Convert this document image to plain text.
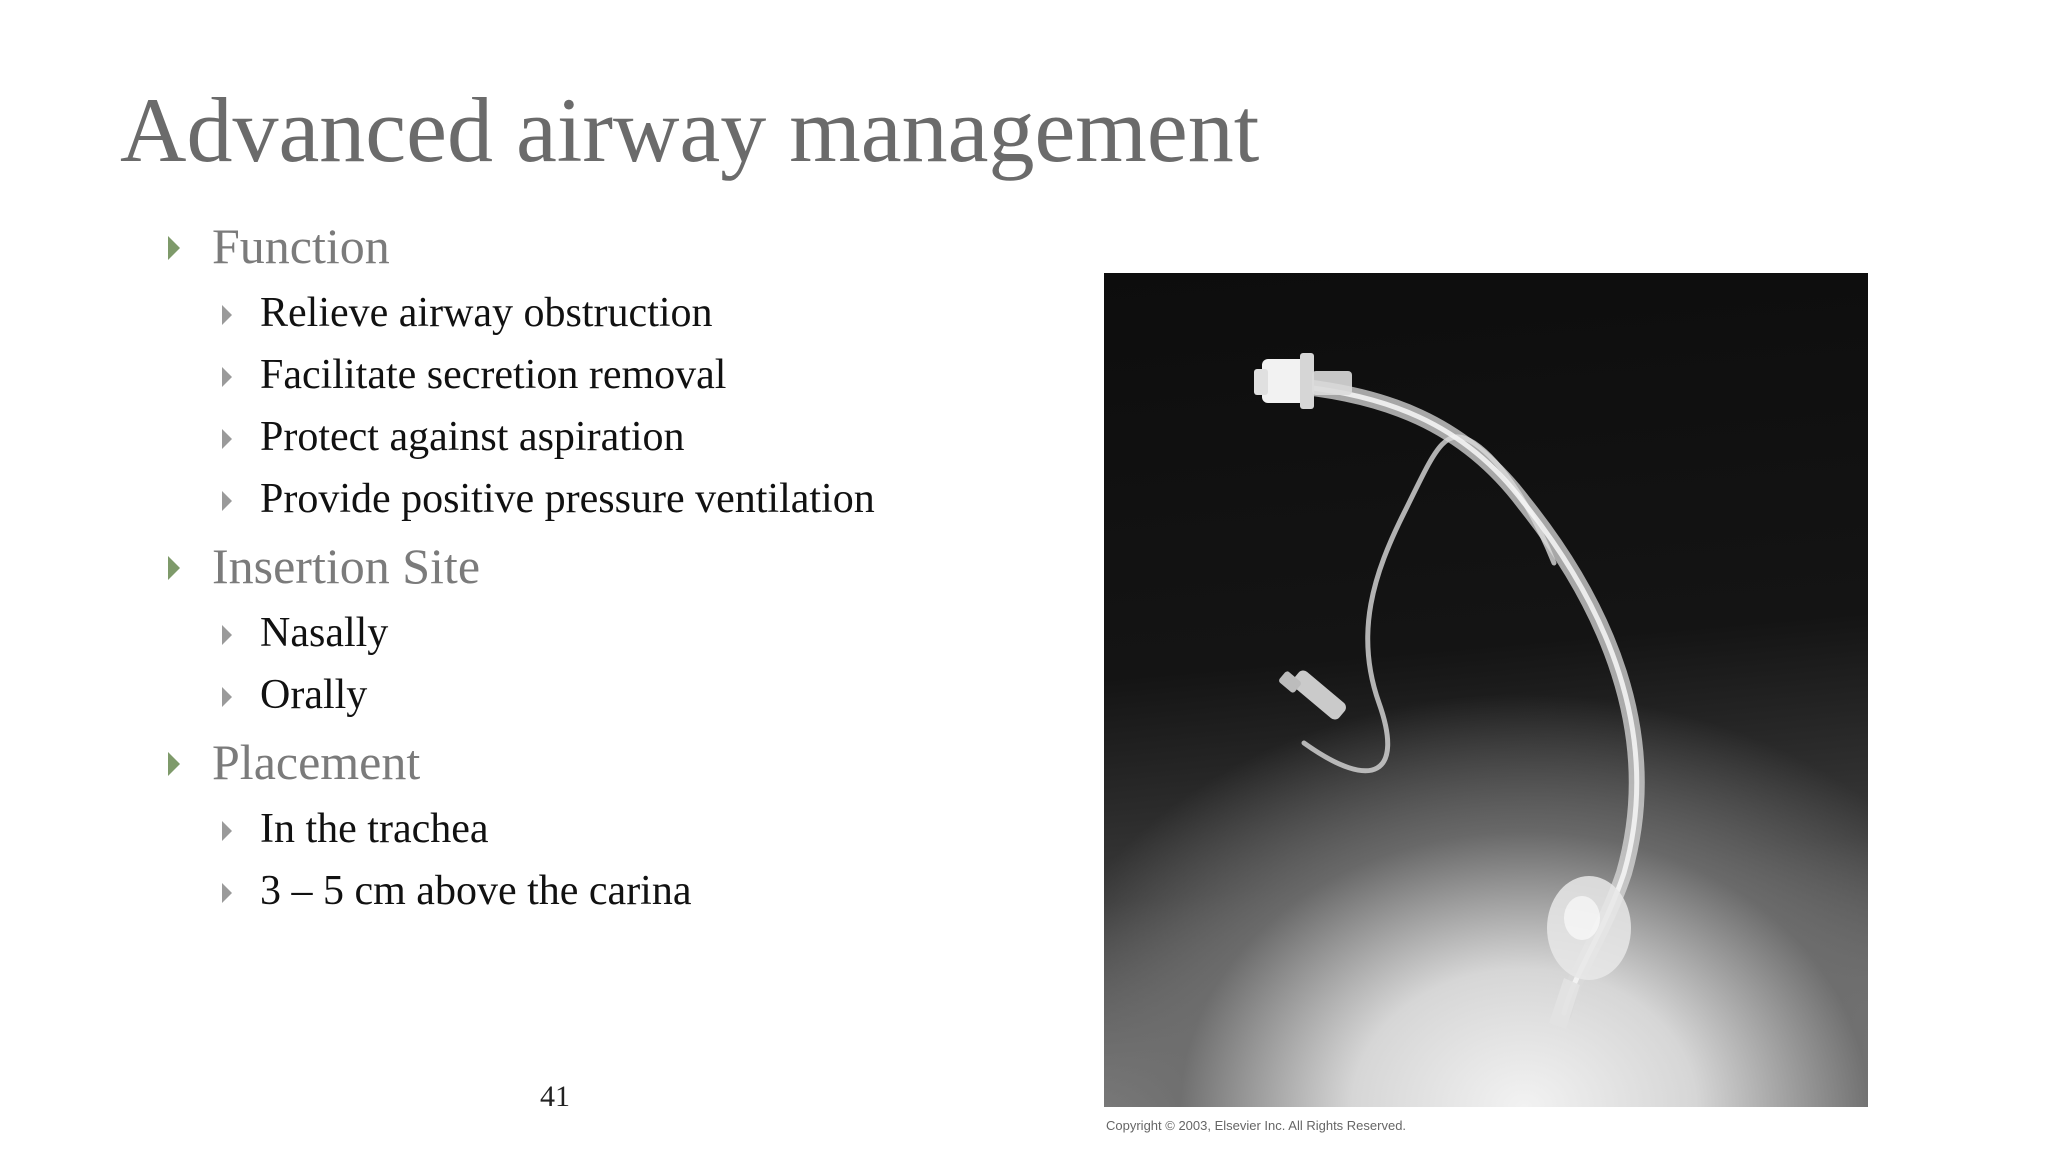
Advanced airway management
Function
Relieve airway obstruction
Facilitate secretion removal
Protect against aspiration
Provide positive pressure ventilation
Insertion Site
Nasally
Orally
Placement
In the trachea
3 – 5 cm above the carina
41
Copyright © 2003, Elsevier Inc. All Rights Reserved.
